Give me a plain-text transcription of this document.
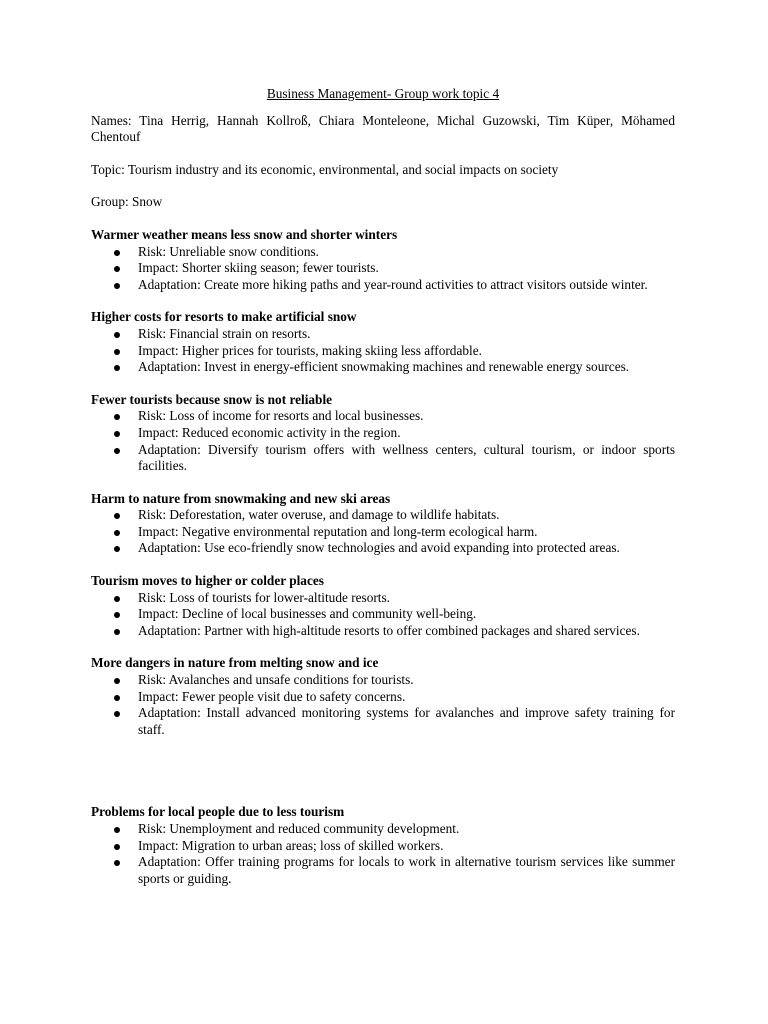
Business Management- Group work topic 4

Names: Tina Herrig, Hannah Kollroß, Chiara Monteleone, Michal Guzowski, Tim Küper, Möhamed Chentouf

Topic: Tourism industry and its economic, environmental, and social impacts on society

Group: Snow

Warmer weather means less snow and shorter winters

Risk: Unreliable snow conditions.
Impact: Shorter skiing season; fewer tourists.
Adaptation: Create more hiking paths and year-round activities to attract visitors outside winter.

Higher costs for resorts to make artificial snow

Risk: Financial strain on resorts.
Impact: Higher prices for tourists, making skiing less affordable.
Adaptation: Invest in energy-efficient snowmaking machines and renewable energy sources.

Fewer tourists because snow is not reliable

Risk: Loss of income for resorts and local businesses.
Impact: Reduced economic activity in the region.
Adaptation: Diversify tourism offers with wellness centers, cultural tourism, or indoor sports facilities.

Harm to nature from snowmaking and new ski areas

Risk: Deforestation, water overuse, and damage to wildlife habitats.
Impact: Negative environmental reputation and long-term ecological harm.
Adaptation: Use eco-friendly snow technologies and avoid expanding into protected areas.

Tourism moves to higher or colder places

Risk: Loss of tourists for lower-altitude resorts.
Impact: Decline of local businesses and community well-being.
Adaptation: Partner with high-altitude resorts to offer combined packages and shared services.

More dangers in nature from melting snow and ice

Risk: Avalanches and unsafe conditions for tourists.
Impact: Fewer people visit due to safety concerns.
Adaptation: Install advanced monitoring systems for avalanches and improve safety training for staff.

Problems for local people due to less tourism

Risk: Unemployment and reduced community development.
Impact: Migration to urban areas; loss of skilled workers.
Adaptation: Offer training programs for locals to work in alternative tourism services like summer sports or guiding.
